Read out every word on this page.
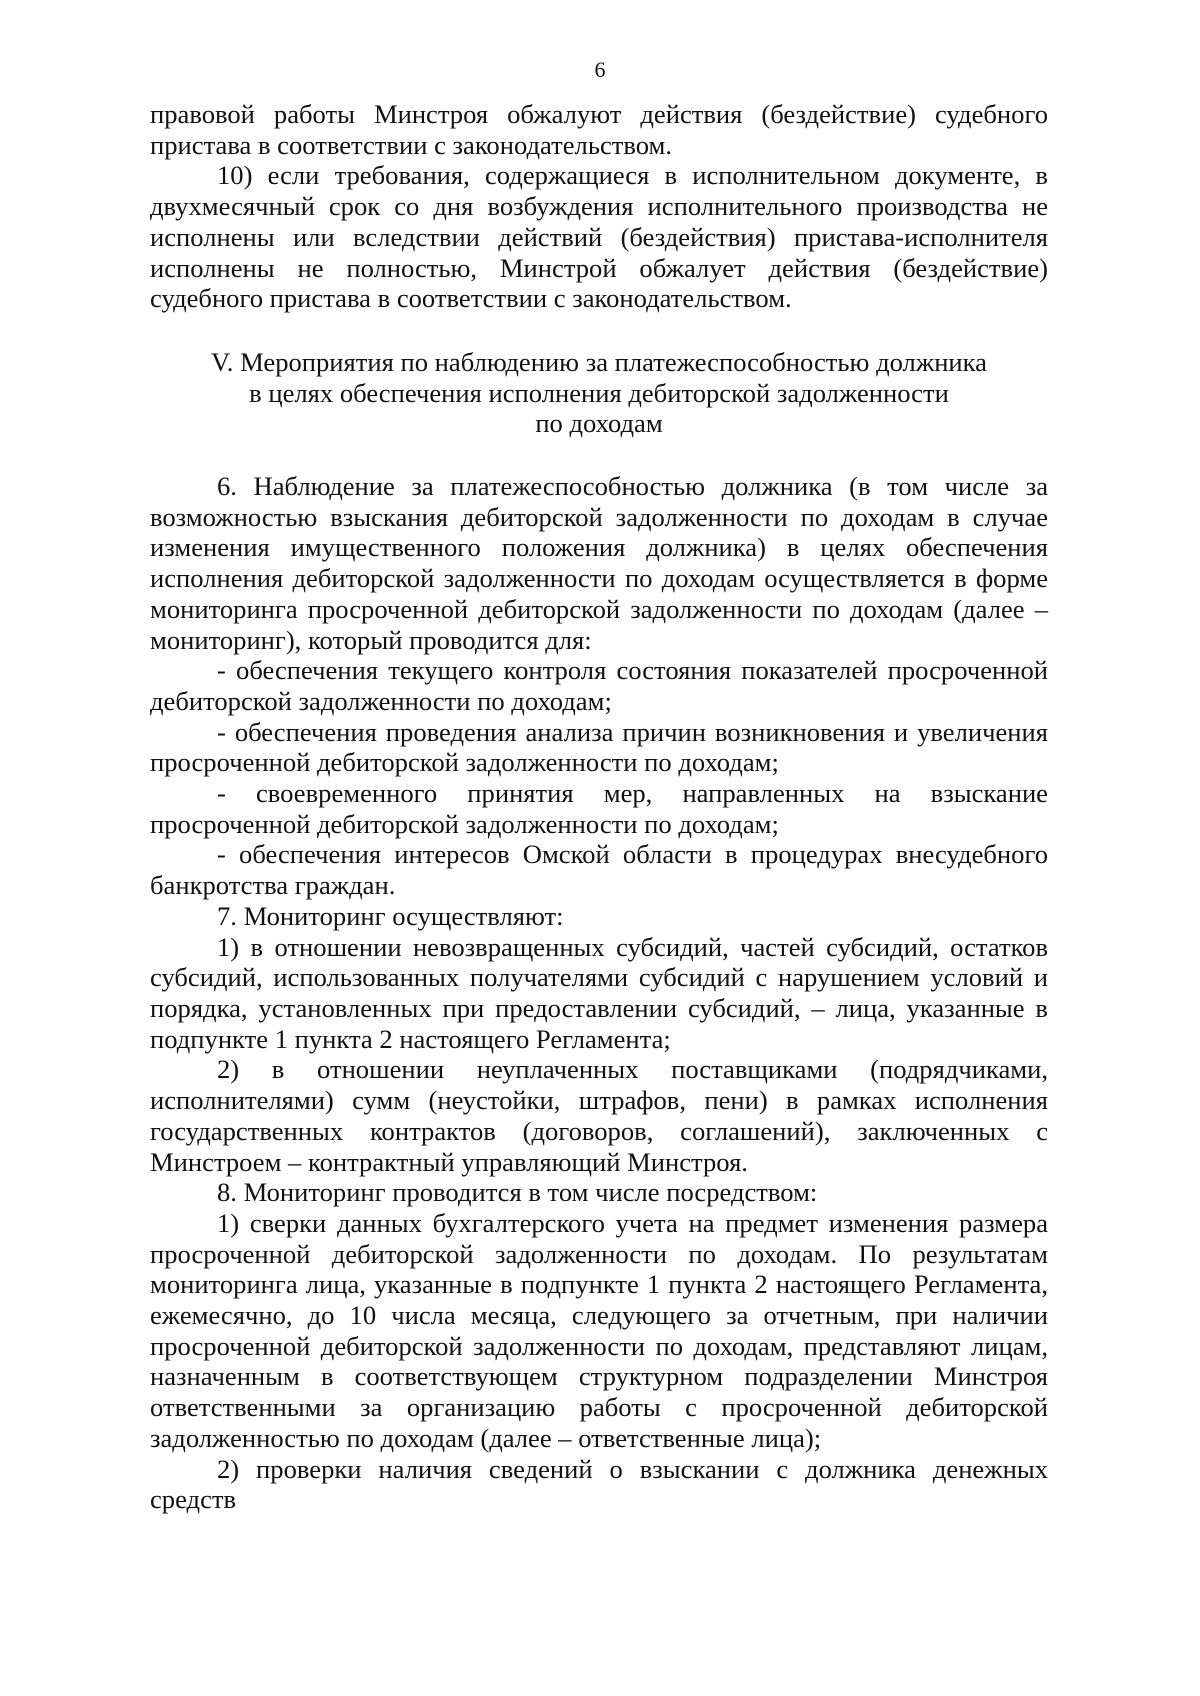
6

правовой работы Минстроя обжалуют действия (бездействие) судебного пристава в соответствии с законодательством.

10) если требования, содержащиеся в исполнительном документе, в двухмесячный срок со дня возбуждения исполнительного производства не исполнены или вследствии действий (бездействия) пристава-исполнителя исполнены не полностью, Минстрой обжалует действия (бездействие) судебного пристава в соответствии с законодательством.

V. Мероприятия по наблюдению за платежеспособностью должника
в целях обеспечения исполнения дебиторской задолженности
по доходам

6. Наблюдение за платежеспособностью должника (в том числе за возможностью взыскания дебиторской задолженности по доходам в случае изменения имущественного положения должника) в целях обеспечения исполнения дебиторской задолженности по доходам осуществляется в форме мониторинга просроченной дебиторской задолженности по доходам (далее – мониторинг), который проводится для:

- обеспечения текущего контроля состояния показателей просроченной дебиторской задолженности по доходам;

- обеспечения проведения анализа причин возникновения и увеличения просроченной дебиторской задолженности по доходам;

- своевременного принятия мер, направленных на взыскание просроченной дебиторской задолженности по доходам;

- обеспечения интересов Омской области в процедурах внесудебного банкротства граждан.

7. Мониторинг осуществляют:

1) в отношении невозвращенных субсидий, частей субсидий, остатков субсидий, использованных получателями субсидий с нарушением условий и порядка, установленных при предоставлении субсидий, – лица, указанные в подпункте 1 пункта 2 настоящего Регламента;

2) в отношении неуплаченных поставщиками (подрядчиками, исполнителями) сумм (неустойки, штрафов, пени) в рамках исполнения государственных контрактов (договоров, соглашений), заключенных с Минстроем – контрактный управляющий Минстроя.

8. Мониторинг проводится в том числе посредством:

1) сверки данных бухгалтерского учета на предмет изменения размера просроченной дебиторской задолженности по доходам. По результатам мониторинга лица, указанные в подпункте 1 пункта 2 настоящего Регламента, ежемесячно, до 10 числа месяца, следующего за отчетным, при наличии просроченной дебиторской задолженности по доходам, представляют лицам, назначенным в соответствующем структурном подразделении Минстроя ответственными за организацию работы с просроченной дебиторской задолженностью по доходам (далее – ответственные лица);

2) проверки наличия сведений о взыскании с должника денежных средств
